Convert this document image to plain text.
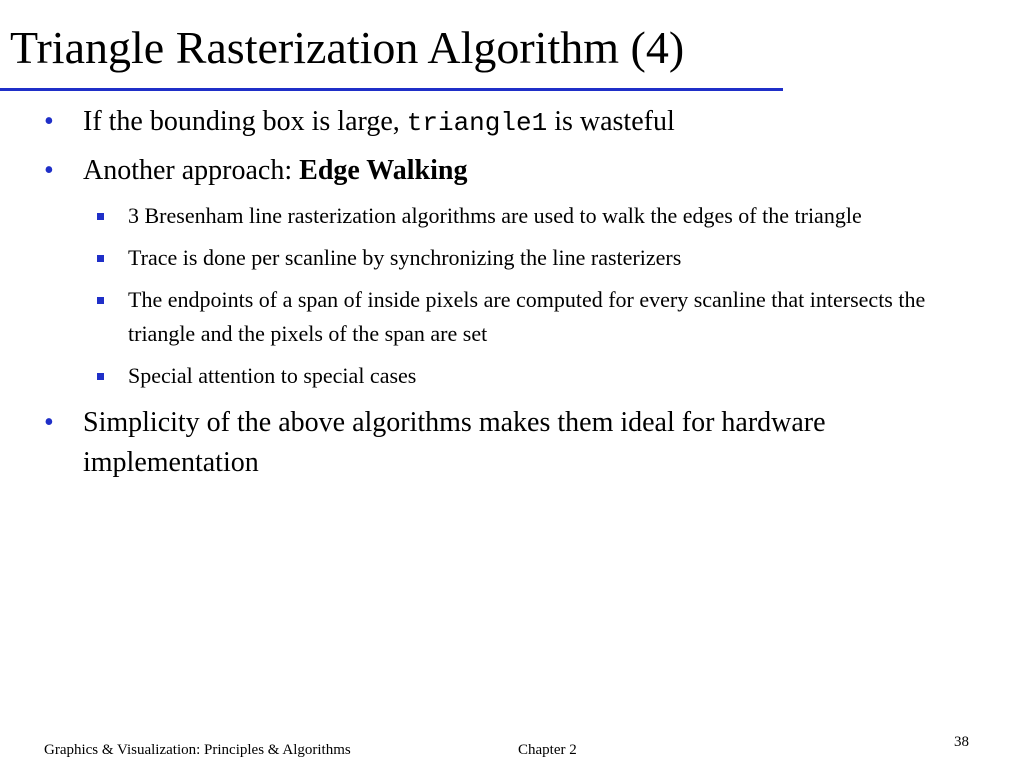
Triangle Rasterization Algorithm (4)
• If the bounding box is large, triangle1 is wasteful
• Another approach: Edge Walking
3 Bresenham line rasterization algorithms are used to walk the edges of the triangle
Trace is done per scanline by synchronizing the line rasterizers
The endpoints of a span of inside pixels are computed for every scanline that intersects the triangle and the pixels of the span are set
Special attention to special cases
• Simplicity of the above algorithms makes them ideal for hardware implementation
Graphics & Visualization: Principles & Algorithms	Chapter 2	38
